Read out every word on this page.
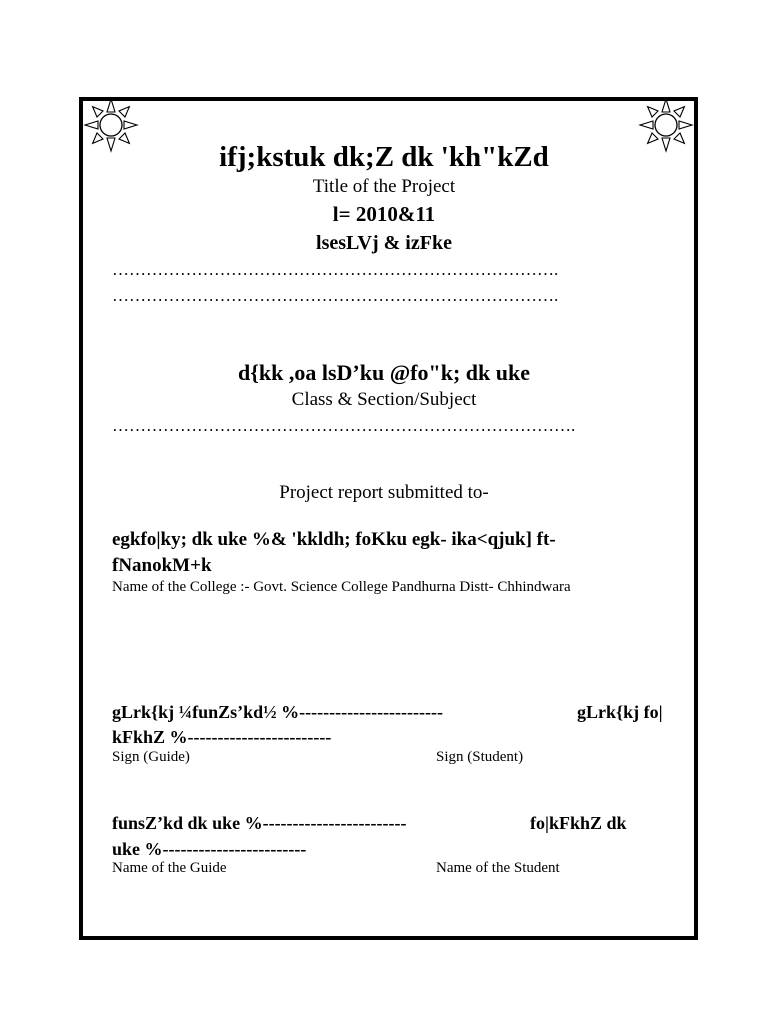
ifj;kstuk dk;Z dk 'kh"kZd
Title of the Project
l= 2010&11
lsesLVj & izFke
…………………………………………………………………….
…………………………………………………………………….
d{kk ,oa lsD’ku @fo"k; dk uke
Class & Section/Subject
……………………………………………………………………….
Project report submitted to-
egkfo|ky; dk uke %& 'kkldh; foKku egk- ika<qjuk] ft-
fNanokM+k
Name of the College :- Govt. Science College Pandhurna Distt- Chhindwara
gLrk{kj ¼funZs’kd½ %------------------------	gLrk{kj fo|
kFkhZ %------------------------
Sign (Guide)	Sign (Student)
funsZ’kd dk uke %------------------------	fo|kFkhZ dk
uke %------------------------
Name of the Guide	Name of the Student
